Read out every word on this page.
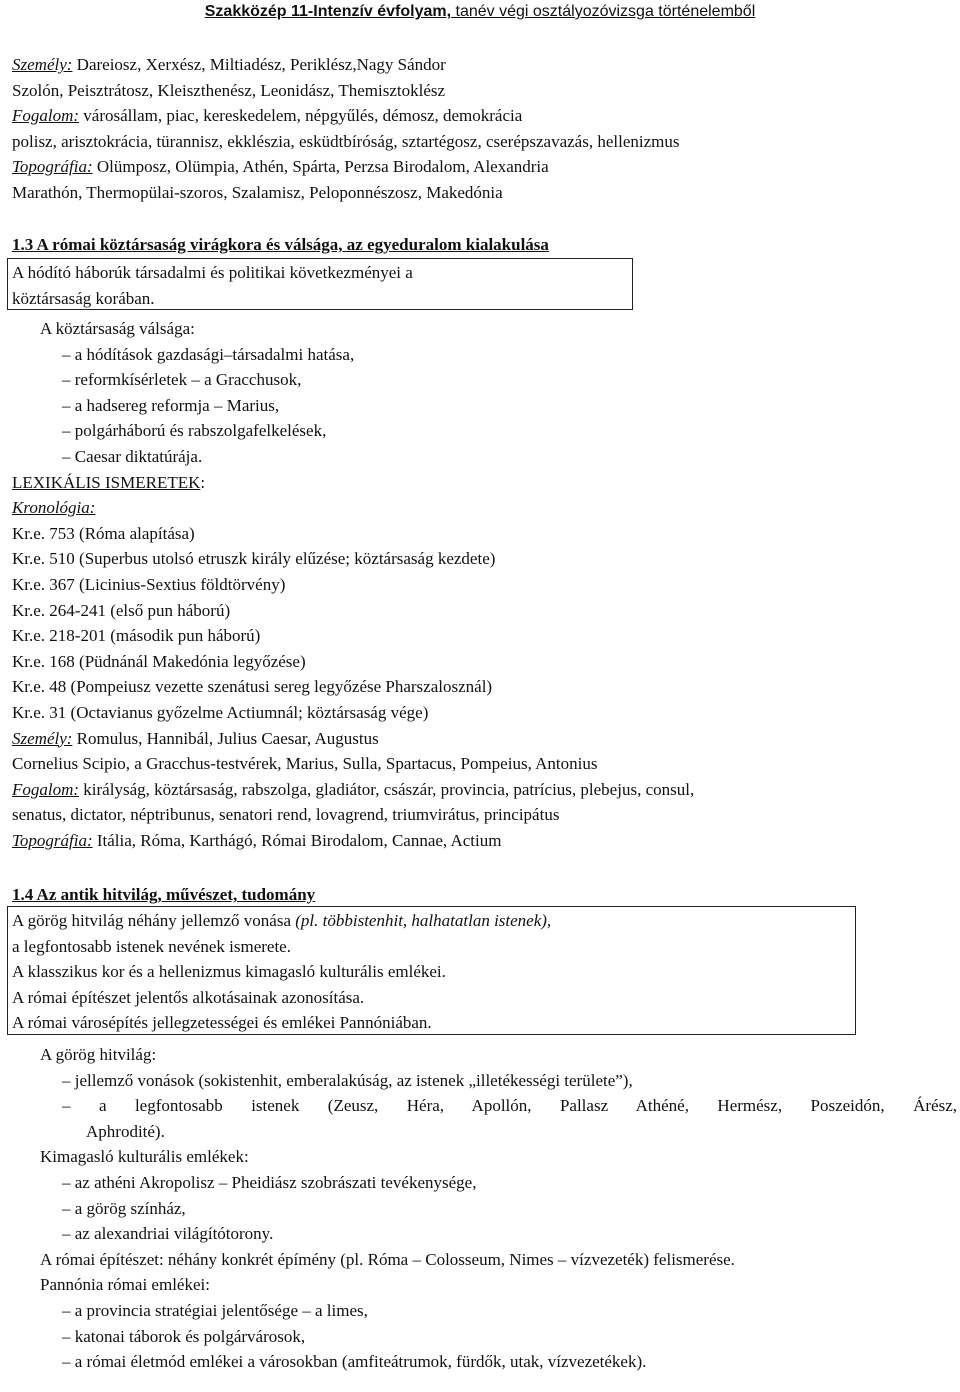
Szakközép 11-Intenzív évfolyam, tanév végi osztályozóvizsga történelemből
Személy: Dareiosz, Xerxész, Miltiadész, Periklész,Nagy Sándor
Szolón, Peisztrátosz, Kleiszthenész, Leonidász, Themisztoklész
Fogalom: városállam, piac, kereskedelem, népgyűlés, démosz, demokrácia
polisz, arisztokrácia, türannisz, ekklészia, esküdtbíróság, sztartégosz, cserépszavazás, hellenizmus
Topográfia: Olümposz, Olümpia, Athén, Spárta, Perzsa Birodalom, Alexandria
Marathón, Thermopülai-szoros, Szalamisz, Peloponnészosz, Makedónia
1.3 A római köztársaság virágkora és válsága, az egyeduralom kialakulása
A hódító háborúk társadalmi és politikai következményei a
köztársaság korában.
A köztársaság válsága:
– a hódítások gazdasági–társadalmi hatása,
– reformkísérletek – a Gracchusok,
– a hadsereg reformja – Marius,
– polgárháború és rabszolgafelkelések,
– Caesar diktatúrája.
LEXIKÁLIS ISMERETEK:
Kronológia:
Kr.e. 753 (Róma alapítása)
Kr.e. 510 (Superbus utolsó etruszk király elűzése; köztársaság kezdete)
Kr.e. 367 (Licinius-Sextius földtörvény)
Kr.e. 264-241 (első pun háború)
Kr.e. 218-201 (második pun háború)
Kr.e. 168 (Püdnánál Makedónia legyőzése)
Kr.e. 48 (Pompeiusz vezette szenátusi sereg legyőzése Pharszalosznál)
Kr.e. 31 (Octavianus győzelme Actiumnál; köztársaság vége)
Személy: Romulus, Hannibál, Julius Caesar, Augustus
Cornelius Scipio, a Gracchus-testvérek, Marius, Sulla, Spartacus, Pompeius, Antonius
Fogalom: királyság, köztársaság, rabszolga, gladiátor, császár, provincia, patrícius, plebejus, consul,
senatus, dictator, néptribunus, senatori rend, lovagrend, triumvirátus, principátus
Topográfia: Itália, Róma, Karthágó, Római Birodalom, Cannae, Actium
1.4 Az antik hitvilág, művészet, tudomány
A görög hitvilág néhány jellemző vonása (pl. többistenhit, halhatatlan istenek),
a legfontosabb istenek nevének ismerete.
A klasszikus kor és a hellenizmus kimagasló kulturális emlékei.
A római építészet jelentős alkotásainak azonosítása.
A római városépítés jellegzetességei és emlékei Pannóniában.
A görög hitvilág:
– jellemző vonások (sokistenhit, emberalakúság, az istenek „illetékességi területe”),
– a legfontosabb istenek (Zeusz, Héra, Apollón, Pallasz Athéné, Hermész, Poszeidón, Árész,
Aphrodité).
Kimagasló kulturális emlékek:
– az athéni Akropolisz – Pheidiász szobrászati tevékenysége,
– a görög színház,
– az alexandriai világítótorony.
A római építészet: néhány konkrét épímény (pl. Róma – Colosseum, Nimes – vízvezeték) felismerése.
Pannónia római emlékei:
– a provincia stratégiai jelentősége – a limes,
– katonai táborok és polgárvárosok,
– a római életmód emlékei a városokban (amfiteátrumok, fürdők, utak, vízvezetékek).
